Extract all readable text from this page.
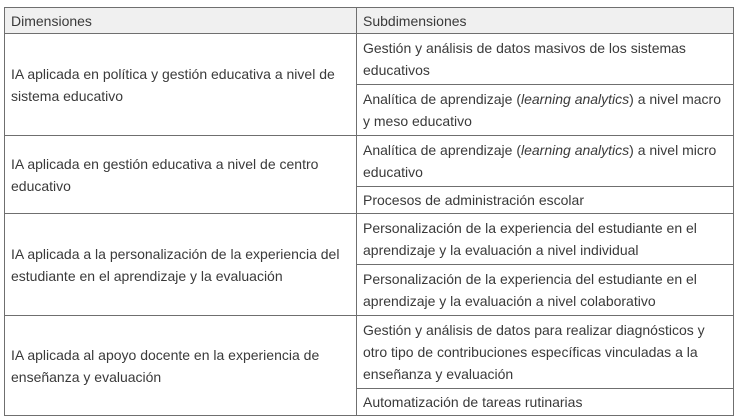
Dimensiones	Subdimensiones
IA aplicada en política y gestión educativa a nivel de sistema educativo	Gestión y análisis de datos masivos de los sistemas educativos
	Analítica de aprendizaje (learning analytics) a nivel macro y meso educativo
IA aplicada en gestión educativa a nivel de centro educativo	Analítica de aprendizaje (learning analytics) a nivel micro educativo
	Procesos de administración escolar
IA aplicada a la personalización de la experiencia del estudiante en el aprendizaje y la evaluación	Personalización de la experiencia del estudiante en el aprendizaje y la evaluación a nivel individual
	Personalización de la experiencia del estudiante en el aprendizaje y la evaluación a nivel colaborativo
IA aplicada al apoyo docente en la experiencia de enseñanza y evaluación	Gestión y análisis de datos para realizar diagnósticos y otro tipo de contribuciones específicas vinculadas a la enseñanza y evaluación
	Automatización de tareas rutinarias
